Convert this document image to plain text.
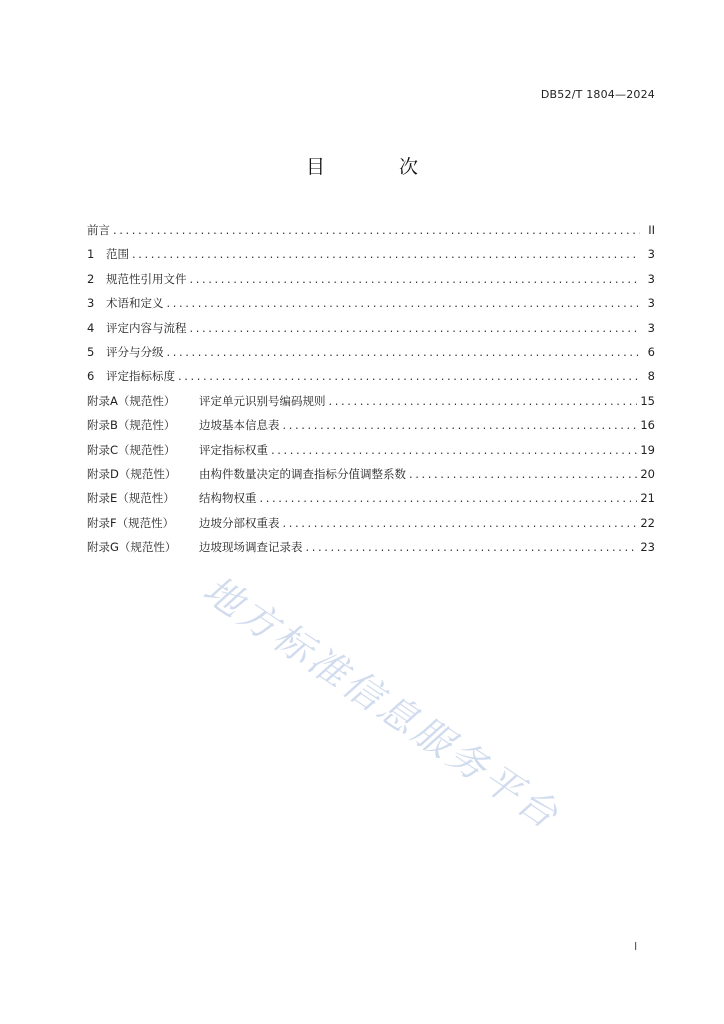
DB52/T 1804—2024
目 次
前言 .....	II
1	范围 .....	3
2	规范性引用文件 .....	3
3	术语和定义 .....	3
4	评定内容与流程 .....	3
5	评分与分级 .....	6
6	评定指标标度 .....	8
附录A（规范性）	评定单元识别号编码规则 .....	15
附录B（规范性）	边坡基本信息表 .....	16
附录C（规范性）	评定指标权重 .....	19
附录D（规范性）	由构件数量决定的调查指标分值调整系数 .....	20
附录E（规范性）	结构物权重 .....	21
附录F（规范性）	边坡分部权重表 .....	22
附录G（规范性）	边坡现场调查记录表 .....	23
地方标准信息服务平台
I
